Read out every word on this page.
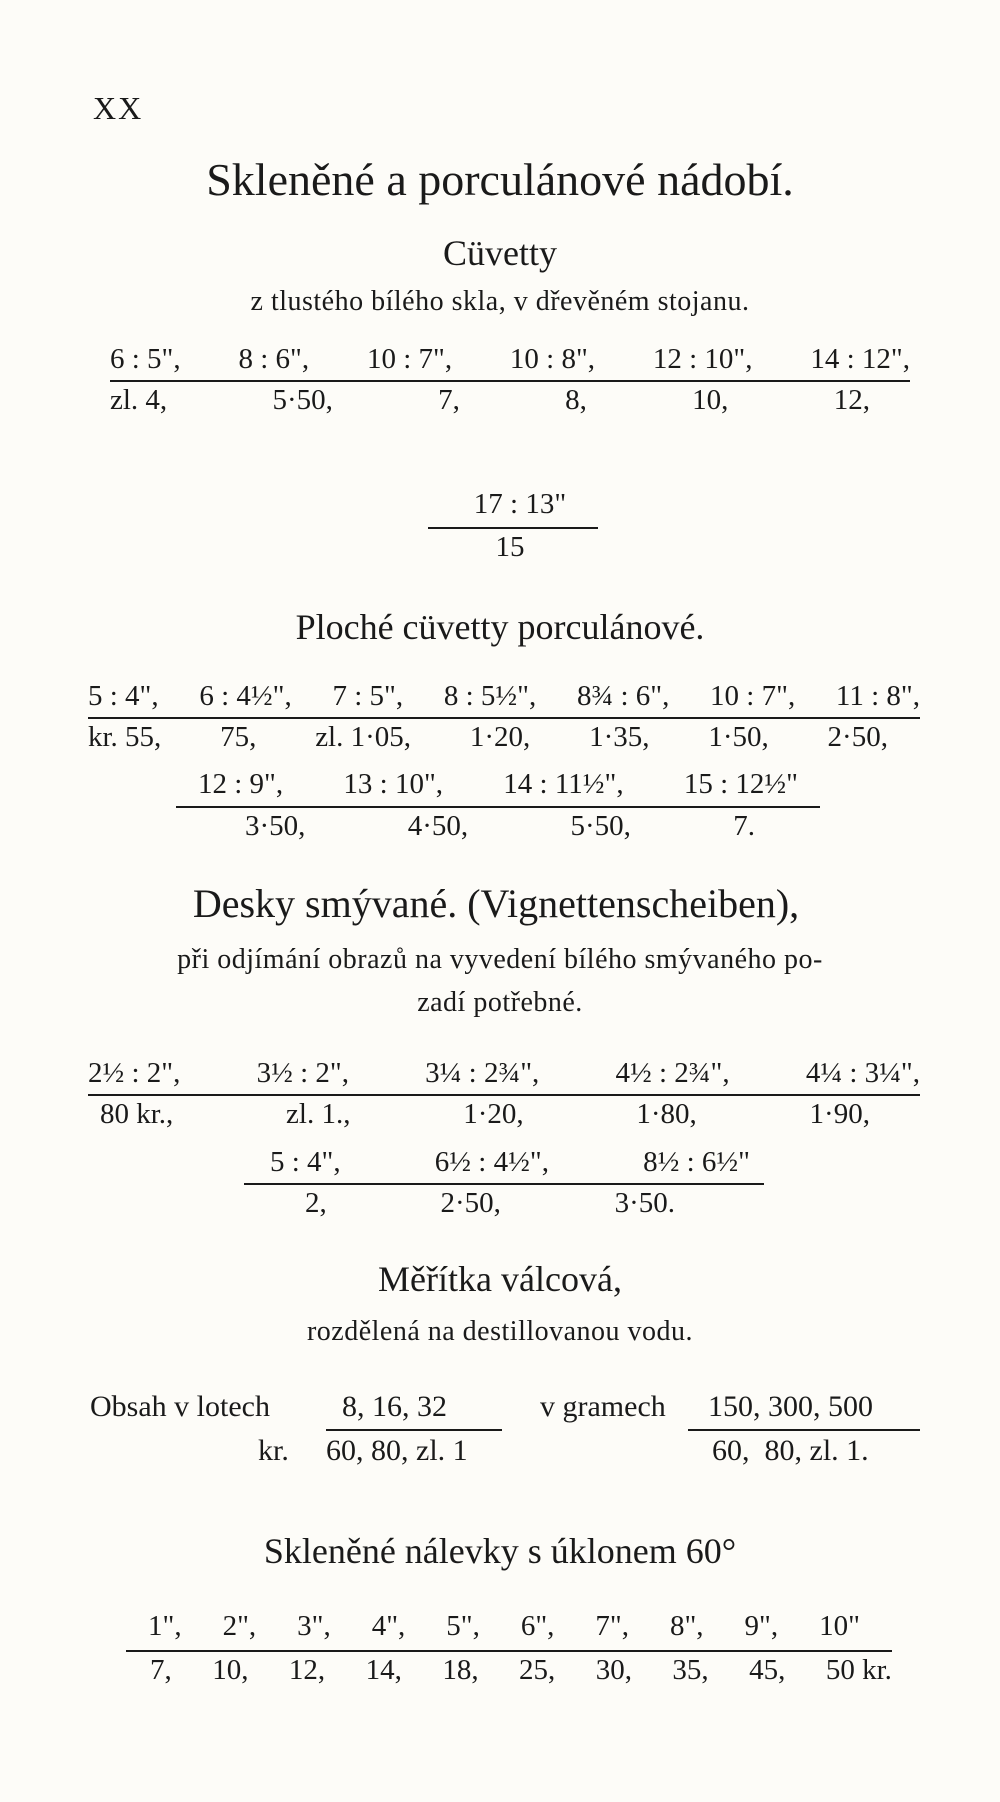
XX
Skleněné a porculánové nádobí.
Cüvetty
z tlustého bílého skla, v dřevěném stojanu.
6 : 5", 8 : 6", 10 : 7", 10 : 8", 12 : 10", 14 : 12",
zl. 4,	5·50,	7,	8,	10,	12,
17 : 13"
15
Ploché cüvetty porculánové.
5 : 4", 6 : 4½", 7 : 5", 8 : 5½", 8¾ : 6", 10 : 7", 11 : 8",
kr. 55, 75, zl. 1·05, 1·20, 1·35, 1·50, 2·50,
12 : 9", 13 : 10", 14 : 11½", 15 : 12½"
3·50,	4·50,	5·50,	7.
Desky smývané. (Vignettenscheiben),
při odjímání obrazů na vyvedení bílého smývaného po-
zadí potřebné.
2½ : 2",	3½ : 2",	3¼ : 2¾",	4½ : 2¾",	4¼ : 3¼",
80 kr.,	zl. 1.,	1·20,	1·80,	1·90,
5 : 4",	6½ : 4½",	8½ : 6½"
2,	2·50,	3·50.
Měřítka válcová,
rozdělená na destillovanou vodu.
Obsah v lotech 8, 16, 32
kr. 60, 80, zl. 1
v gramech 150, 300, 500
60,  80, zl. 1.
Skleněné nálevky s úklonem 60°
1", 2", 3", 4", 5", 6", 7", 8", 9", 10"
7, 10, 12, 14, 18, 25, 30, 35, 45, 50 kr.
